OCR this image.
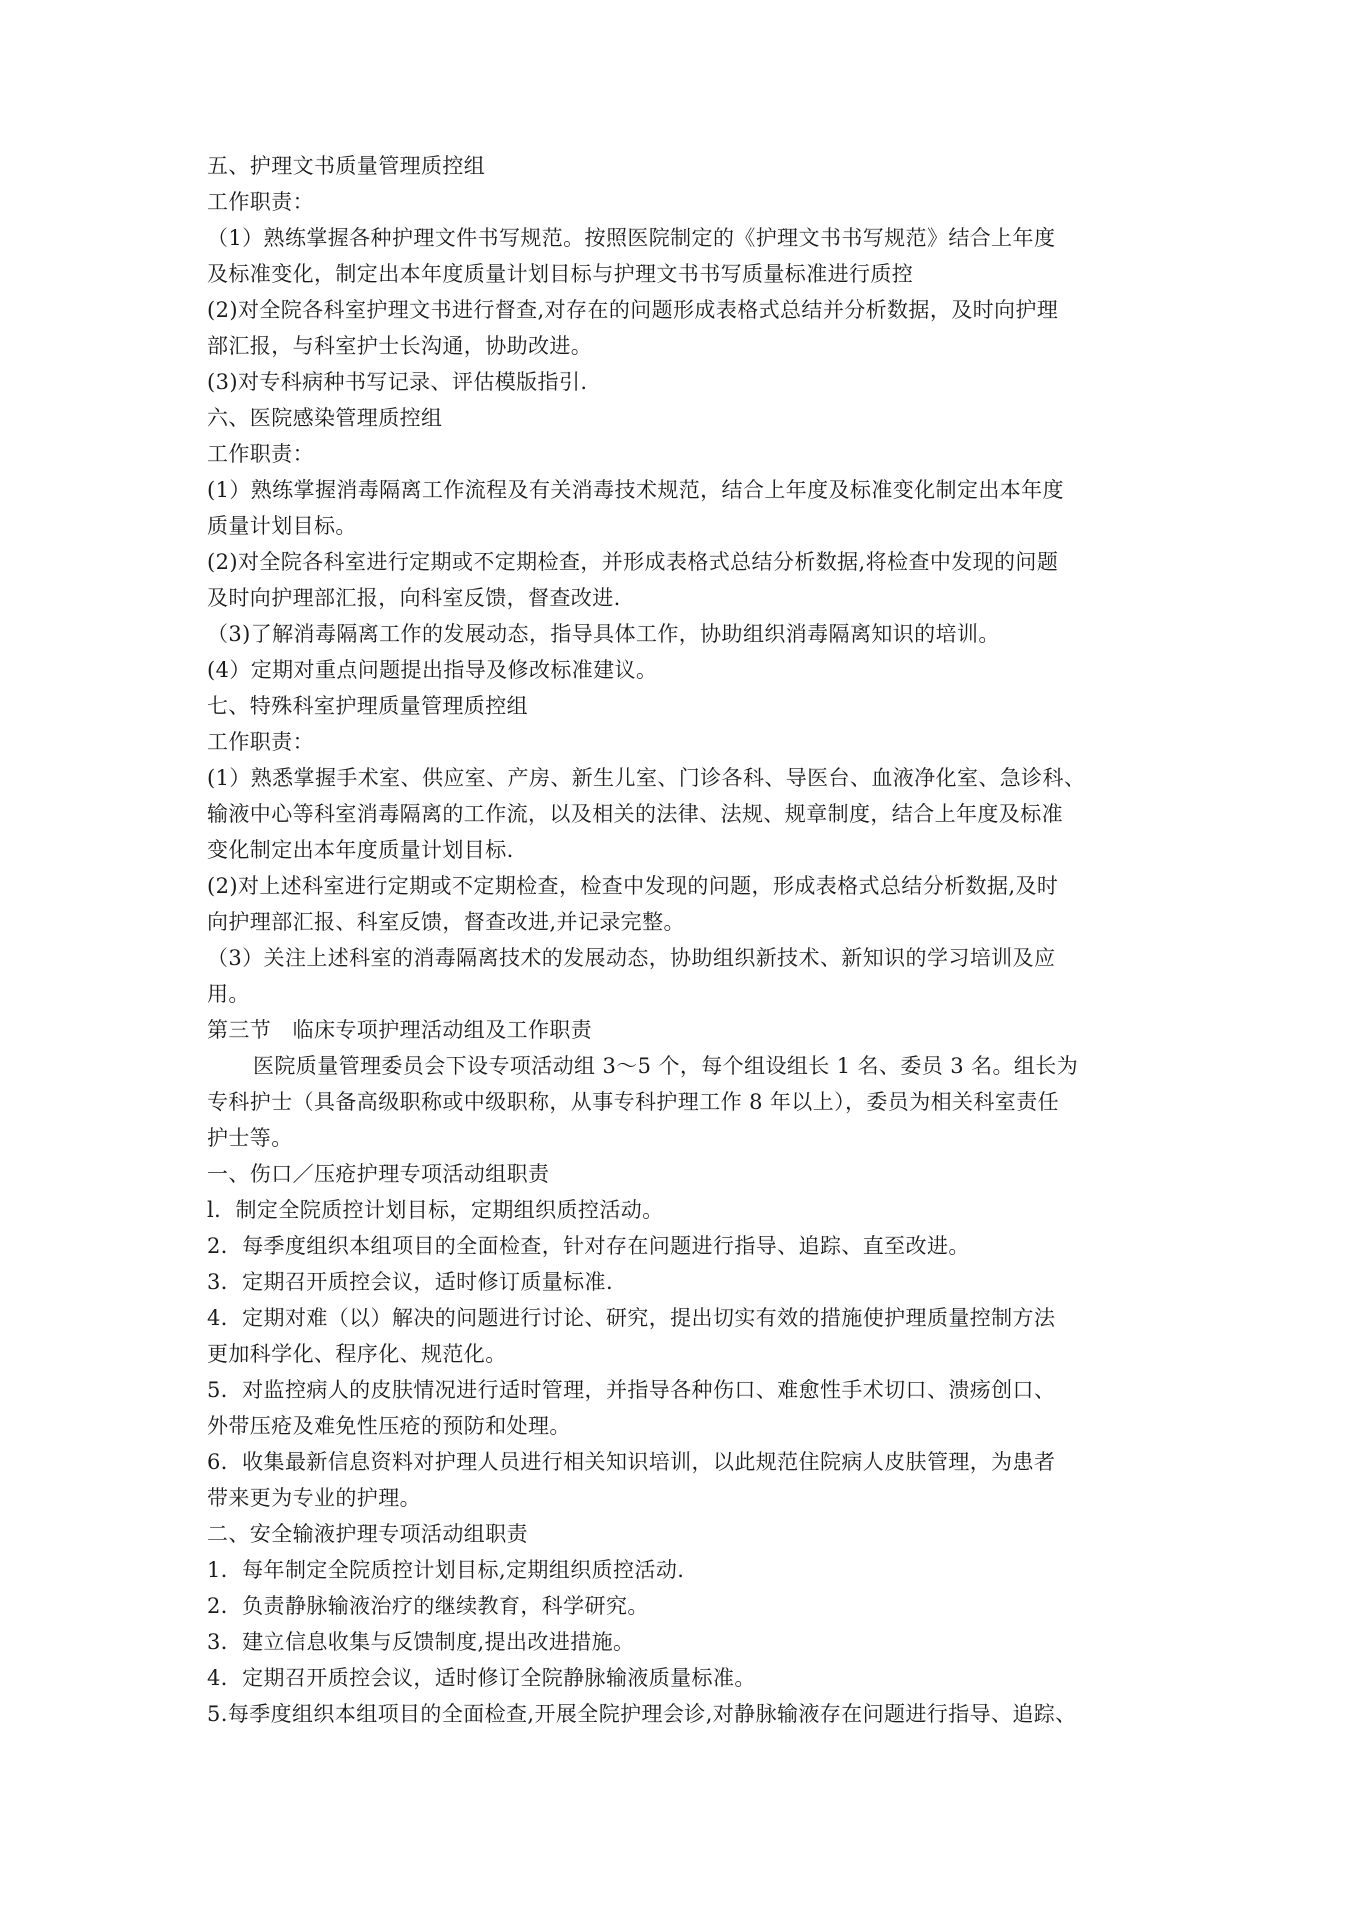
五、护理文书质量管理质控组
工作职责：
（1）熟练掌握各种护理文件书写规范。按照医院制定的《护理文书书写规范》结合上年度
及标准变化，制定出本年度质量计划目标与护理文书书写质量标准进行质控
(2)对全院各科室护理文书进行督查,对存在的问题形成表格式总结并分析数据，及时向护理
部汇报，与科室护士长沟通，协助改进。
(3)对专科病种书写记录、评估模版指引.
六、医院感染管理质控组
工作职责：
(1）熟练掌握消毒隔离工作流程及有关消毒技术规范，结合上年度及标准变化制定出本年度
质量计划目标。
(2)对全院各科室进行定期或不定期检查，并形成表格式总结分析数据,将检查中发现的问题
及时向护理部汇报，向科室反馈，督查改进.
（3)了解消毒隔离工作的发展动态，指导具体工作，协助组织消毒隔离知识的培训。
(4）定期对重点问题提出指导及修改标准建议。
七、特殊科室护理质量管理质控组
工作职责：
(1）熟悉掌握手术室、供应室、产房、新生儿室、门诊各科、导医台、血液净化室、急诊科、
输液中心等科室消毒隔离的工作流，以及相关的法律、法规、规章制度，结合上年度及标准
变化制定出本年度质量计划目标.
(2)对上述科室进行定期或不定期检查，检查中发现的问题，形成表格式总结分析数据,及时
向护理部汇报、科室反馈，督查改进,并记录完整。
（3）关注上述科室的消毒隔离技术的发展动态，协助组织新技术、新知识的学习培训及应
用。
第三节　临床专项护理活动组及工作职责
医院质量管理委员会下设专项活动组 3～5 个，每个组设组长 1 名、委员 3 名。组长为
专科护士（具备高级职称或中级职称，从事专科护理工作 8 年以上），委员为相关科室责任
护士等。
一、伤口／压疮护理专项活动组职责
l．制定全院质控计划目标，定期组织质控活动。
2．每季度组织本组项目的全面检查，针对存在问题进行指导、追踪、直至改进。
3．定期召开质控会议，适时修订质量标准.
4．定期对难（以）解决的问题进行讨论、研究，提出切实有效的措施使护理质量控制方法
更加科学化、程序化、规范化。
5．对监控病人的皮肤情况进行适时管理，并指导各种伤口、难愈性手术切口、溃疡创口、
外带压疮及难免性压疮的预防和处理。
6．收集最新信息资料对护理人员进行相关知识培训，以此规范住院病人皮肤管理，为患者
带来更为专业的护理。
二、安全输液护理专项活动组职责
1．每年制定全院质控计划目标,定期组织质控活动.
2．负责静脉输液治疗的继续教育，科学研究。
3．建立信息收集与反馈制度,提出改进措施。
4．定期召开质控会议，适时修订全院静脉输液质量标准。
5.每季度组织本组项目的全面检查,开展全院护理会诊,对静脉输液存在问题进行指导、追踪、
